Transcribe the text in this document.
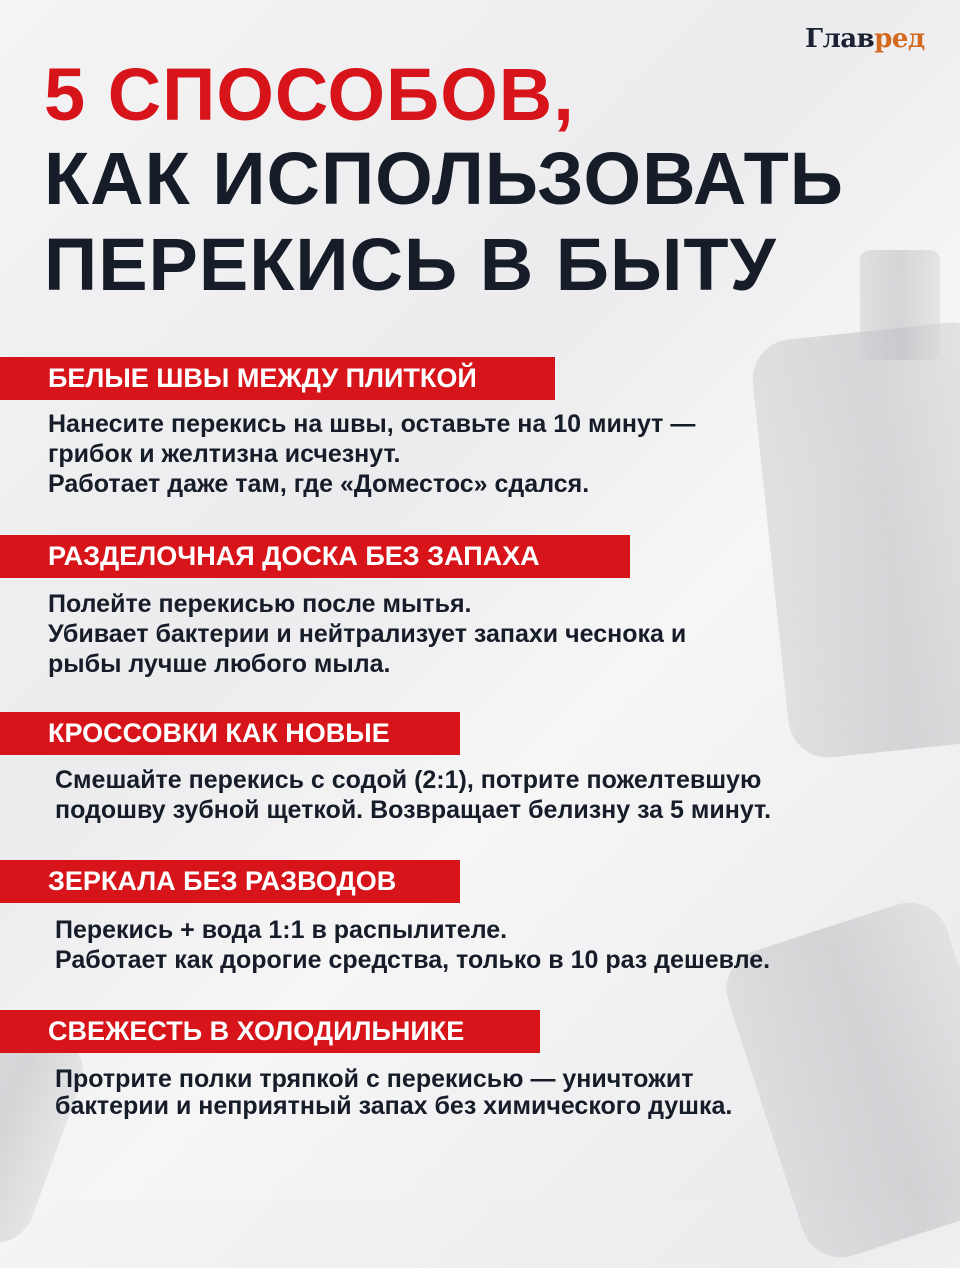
Главред
5 СПОСОБОВ,
КАК ИСПОЛЬЗОВАТЬ
ПЕРЕКИСЬ В БЫТУ
БЕЛЫЕ ШВЫ МЕЖДУ ПЛИТКОЙ
Нанесите перекись на швы, оставьте на 10 минут —
грибок и желтизна исчезнут.
Работает даже там, где «Доместос» сдался.
РАЗДЕЛОЧНАЯ ДОСКА БЕЗ ЗАПАХА
Полейте перекисью после мытья.
Убивает бактерии и нейтрализует запахи чеснока и
рыбы лучше любого мыла.
КРОССОВКИ КАК НОВЫЕ
Смешайте перекись с содой (2:1), потрите пожелтевшую
подошву зубной щеткой. Возвращает белизну за 5 минут.
ЗЕРКАЛА БЕЗ РАЗВОДОВ
Перекись + вода 1:1 в распылителе.
Работает как дорогие средства, только в 10 раз дешевле.
СВЕЖЕСТЬ В ХОЛОДИЛЬНИКЕ
Протрите полки тряпкой с перекисью — уничтожит
бактерии и неприятный запах без химического душка.
